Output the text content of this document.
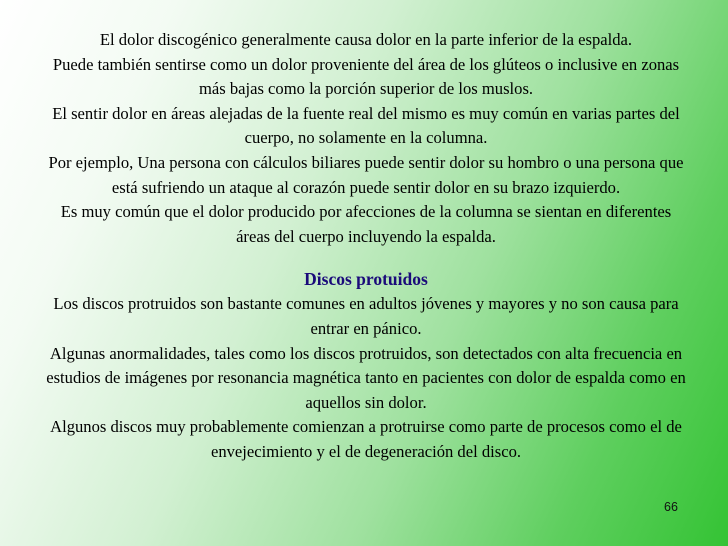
El dolor discogénico generalmente causa dolor en la parte inferior de la espalda.

Puede también sentirse como un dolor proveniente del área de los glúteos o inclusive en zonas más bajas como la porción superior de los muslos.

El sentir dolor en áreas alejadas de la fuente real del mismo es muy común en varias partes del cuerpo, no solamente en la columna.

Por ejemplo, Una persona con cálculos biliares puede sentir dolor su hombro o una persona que está sufriendo un ataque al corazón puede sentir dolor en su brazo izquierdo.

Es muy común que el dolor producido por afecciones de la columna se sientan en diferentes áreas del cuerpo incluyendo la espalda.

Discos protuidos

Los discos protruidos son bastante comunes en adultos jóvenes y mayores y no son causa para entrar en pánico.

Algunas anormalidades, tales como los discos protruidos, son detectados con alta frecuencia en estudios de imágenes por resonancia magnética tanto en pacientes con dolor de espalda como en aquellos sin dolor.

Algunos discos muy probablemente comienzan a protruirse como parte de procesos como el de envejecimiento y el de degeneración del disco.

66
